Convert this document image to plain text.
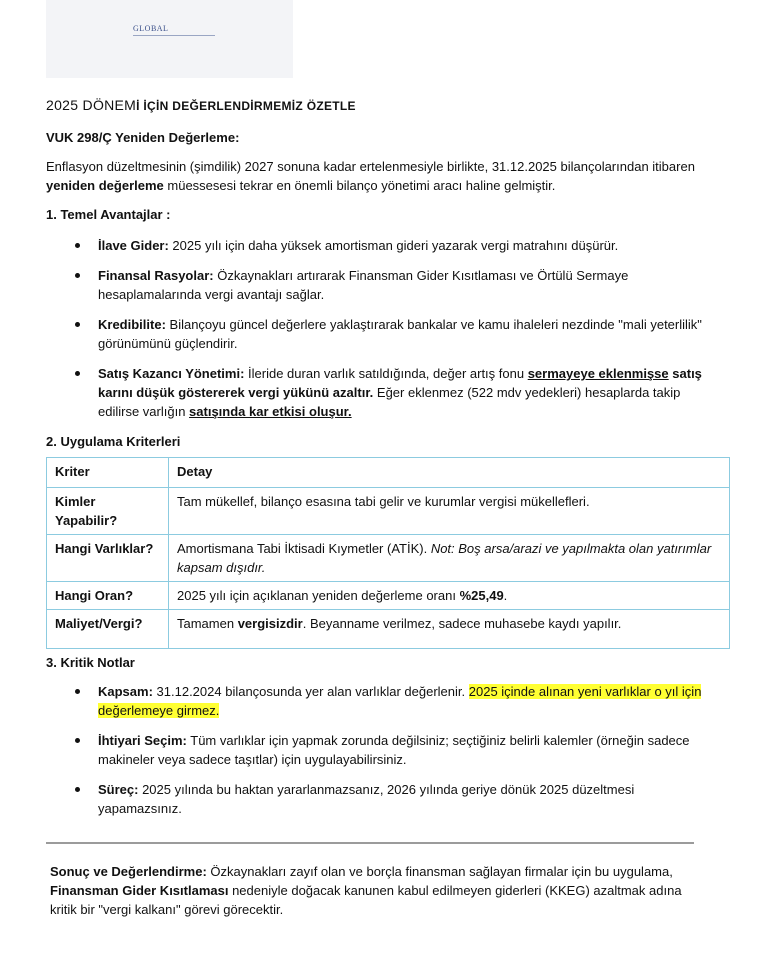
GLOBAL
2025 DÖNEMİ İÇİN DEĞERLENDİRMEMİZ ÖZETLE
VUK 298/Ç Yeniden Değerleme:

Enflasyon düzeltmesinin (şimdilik) 2027 sonuna kadar ertelenmesiyle birlikte, 31.12.2025 bilançolarından itibaren yeniden değerleme müessesesi tekrar en önemli bilanço yönetimi aracı haline gelmiştir.

1. Temel Avantajlar :
İlave Gider: 2025 yılı için daha yüksek amortisman gideri yazarak vergi matrahını düşürür.
Finansal Rasyolar: Özkaynakları artırarak Finansman Gider Kısıtlaması ve Örtülü Sermaye hesaplamalarında vergi avantajı sağlar.
Kredibilite: Bilançoyu güncel değerlere yaklaştırarak bankalar ve kamu ihaleleri nezdinde "mali yeterlilik" görünümünü güçlendirir.
Satış Kazancı Yönetimi: İleride duran varlık satıldığında, değer artış fonu sermayeye eklenmişse satış karını düşük göstererek vergi yükünü azaltır. Eğer eklenmez (522 mdv yedekleri) hesaplarda takip edilirse varlığın satışında kar etkisi oluşur.
2. Uygulama Kriterleri
Kriter	Detay
Kimler Yapabilir?	Tam mükellef, bilanço esasına tabi gelir ve kurumlar vergisi mükellefleri.
Hangi Varlıklar?	Amortismana Tabi İktisadi Kıymetler (ATİK). Not: Boş arsa/arazi ve yapılmakta olan yatırımlar kapsam dışıdır.
Hangi Oran?	2025 yılı için açıklanan yeniden değerleme oranı %25,49.
Maliyet/Vergi?	Tamamen vergisizdir. Beyanname verilmez, sadece muhasebe kaydı yapılır.
3. Kritik Notlar
Kapsam: 31.12.2024 bilançosunda yer alan varlıklar değerlenir. 2025 içinde alınan yeni varlıklar o yıl için değerlemeye girmez.
İhtiyari Seçim: Tüm varlıklar için yapmak zorunda değilsiniz; seçtiğiniz belirli kalemler (örneğin sadece makineler veya sadece taşıtlar) için uygulayabilirsiniz.
Süreç: 2025 yılında bu haktan yararlanmazsanız, 2026 yılında geriye dönük 2025 düzeltmesi yapamazsınız.

Sonuç ve Değerlendirme: Özkaynakları zayıf olan ve borçla finansman sağlayan firmalar için bu uygulama, Finansman Gider Kısıtlaması nedeniyle doğacak kanunen kabul edilmeyen giderleri (KKEG) azaltmak adına kritik bir "vergi kalkanı" görevi görecektir.
